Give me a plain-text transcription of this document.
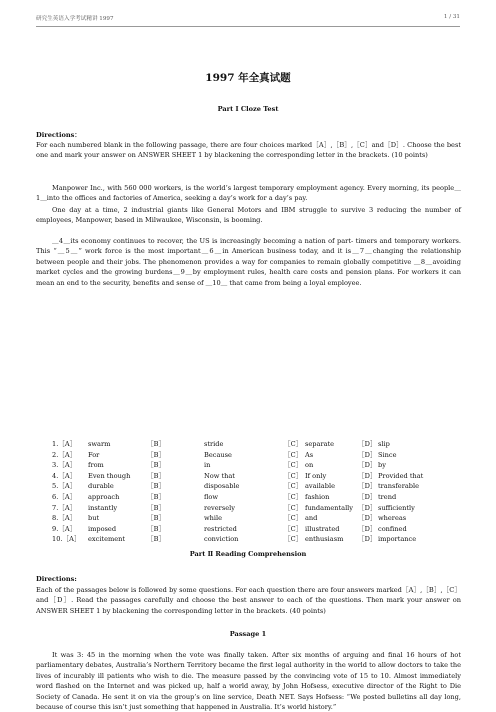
研究生英语入学考试精讲 1997	1 / 31
1997 年全真试题
Part Ⅰ Cloze Test
Directions：
For each numbered blank in the following passage, there are four choices marked［A］,［B］,［C］and［D］. Choose the best one and mark your answer on ANSWER SHEET 1 by blackening the corresponding letter in the brackets. (10 points)
Manpower Inc., with 560 000 workers, is the world’s largest temporary employment agency. Every morning, its people＿1＿into the offices and factories of America, seeking a day’s work for a day’s pay.
One day at a time, 2 industrial giants like General Motors and IBM struggle to survive 3 reducing the number of employees, Manpower, based in Milwaukee, Wisconsin, is booming.
＿4＿its economy continues to recover, the US is increasingly becoming a nation of part- timers and temporary workers. This “＿5＿” work force is the most important＿6＿in American business today, and it is＿7＿changing the relationship between people and their jobs. The phenomenon provides a way for companies to remain globally competitive ＿8＿avoiding market cycles and the growing burdens＿9＿by employment rules, health care costs and pension plans. For workers it can mean an end to the security, benefits and sense of ＿10＿ that came from being a loyal employee.
1.［A］ swarm	［B］	stride	［C］ separate	［D］ slip
2.［A］ For	［B］	Because	［C］ As	［D］ Since
3.［A］ from	［B］	in	［C］ on	［D］ by
4.［A］ Even though	［B］	Now that	［C］ If only	［D］ Provided that
5.［A］ durable	［B］	disposable	［C］ available	［D］ transferable
6.［A］ approach	［B］	flow	［C］ fashion	［D］ trend
7.［A］ instantly	［B］	reversely	［C］ fundamentally ［D］ sufficiently
8.［A］ but	［B］	while	［C］ and	［D］ whereas
9.［A］ imposed	［B］	restricted	［C］ illustrated	［D］ confined
10.［A］ excitement	［B］	conviction	［C］ enthusiasm ［D］ importance
Part Ⅱ Reading Comprehension
Directions:
Each of the passages below is followed by some questions. For each question there are four answers marked［A］,［B］,［C］and［D］. Read the passages carefully and choose the best answer to each of the questions. Then mark your answer on ANSWER SHEET 1 by blackening the corresponding letter in the brackets. (40 points)
Passage 1
It was 3: 45 in the morning when the vote was finally taken. After six months of arguing and final 16 hours of hot parliamentary debates, Australia’s Northern Territory became the first legal authority in the world to allow doctors to take the lives of incurably ill patients who wish to die. The measure passed by the convincing vote of 15 to 10. Almost immediately word flashed on the Internet and was picked up, half a world away, by John Hofsess, executive director of the Right to Die Society of Canada. He sent it on via the group’s on line service, Death NET. Says Hofsess: “We posted bulletins all day long, because of course this isn’t just something that happened in Australia. It’s world history.”
